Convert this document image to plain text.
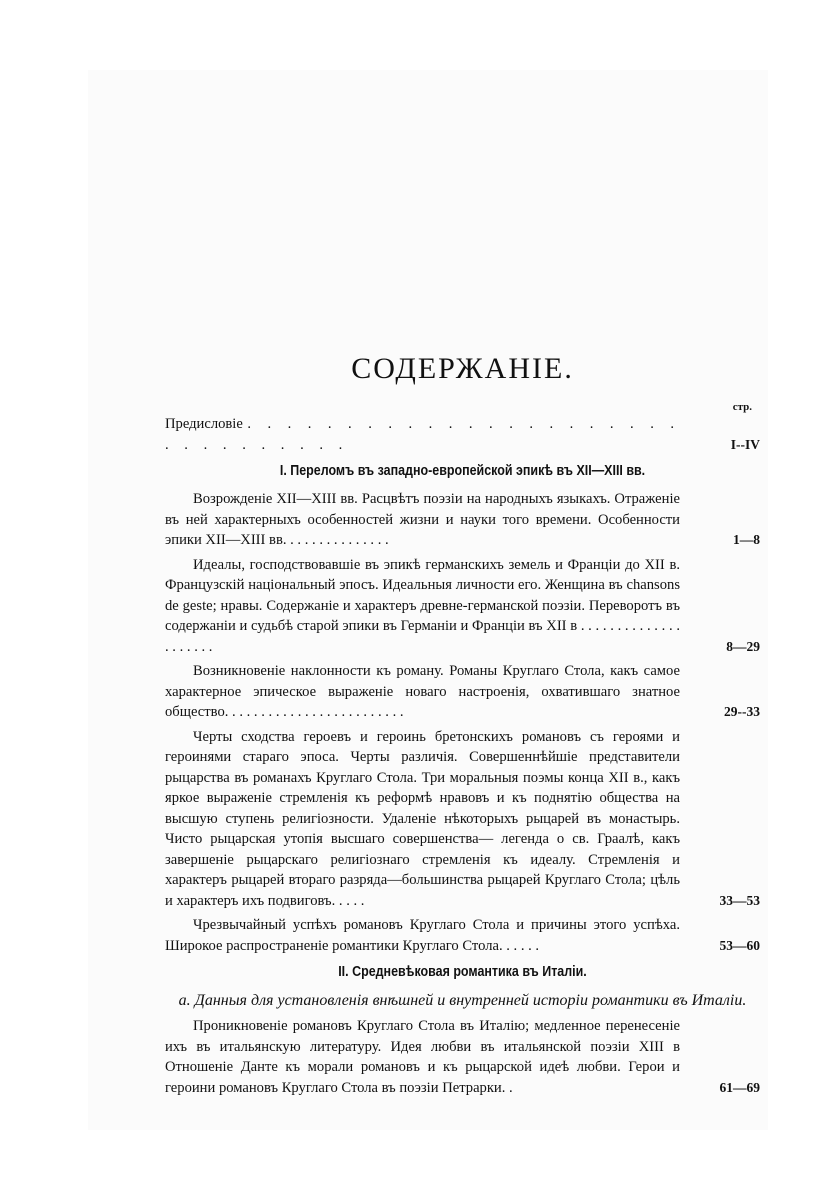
СОДЕРЖАНІЕ.
стр.
Предисловіе . . . . . . . . . . . . . . . . . . . . . . . . . . . . . . . .	I--IV
I. Переломъ въ западно-европейской эпикѣ въ XII—XIII вв.
Возрожденіе XII—XIII вв. Расцвѣтъ поэзіи на народныхъ языкахъ. Отраженіе въ ней характерныхъ особенностей жизни и науки того времени. Особенности эпики XII—XIII вв. . . . . . . . . . . . . . .	1—8
Идеалы, господствовавшіе въ эпикѣ германскихъ земель и Франціи до XII в. Французскій національный эпосъ. Идеальныя личности его. Женщина въ chansons de geste; нравы. Содержаніе и характеръ древне-германской поэзіи. Переворотъ въ содержаніи и судьбѣ старой эпики въ Германіи и Франціи въ XII в . . . . . . . . . . . . . . . . . . . . .	8—29
Возникновеніе наклонности къ роману. Романы Круглаго Стола, какъ самое характерное эпическое выраженіе новаго настроенія, охватившаго знатное общество. . . . . . . . . . . . . . . . . . . . . . . . .	29--33
Черты сходства героевъ и героинь бретонскихъ романовъ съ героями и героинями стараго эпоса. Черты различія. Совершеннѣйшіе представители рыцарства въ романахъ Круглаго Стола. Три моральныя поэмы конца XII в., какъ яркое выраженіе стремленія къ реформѣ нравовъ и къ поднятію общества на высшую ступень религіозности. Удаленіе нѣкоторыхъ рыцарей въ монастырь. Чисто рыцарская утопія высшаго совершенства— легенда о св. Граалѣ, какъ завершеніе рыцарскаго религіознаго стремленія къ идеалу. Стремленія и характеръ рыцарей втораго разряда—большинства рыцарей Круглаго Стола; цѣль и характеръ ихъ подвиговъ. . . . .	33—53
Чрезвычайный успѣхъ романовъ Круглаго Стола и причины этого успѣха. Широкое распространеніе романтики Круглаго Стола. . . . . .	53—60
II. Средневѣковая романтика въ Италіи.
а. Данныя для установленія внѣшней и внутренней исторіи романтики въ Италіи.
Проникновеніе романовъ Круглаго Стола въ Италію; медленное перенесеніе ихъ въ итальянскую литературу. Идея любви въ итальянской поэзіи XIII в Отношеніе Данте къ морали романовъ и къ рыцарской идеѣ любви. Герои и героини романовъ Круглаго Стола въ поэзіи Петрарки. .	61—69
